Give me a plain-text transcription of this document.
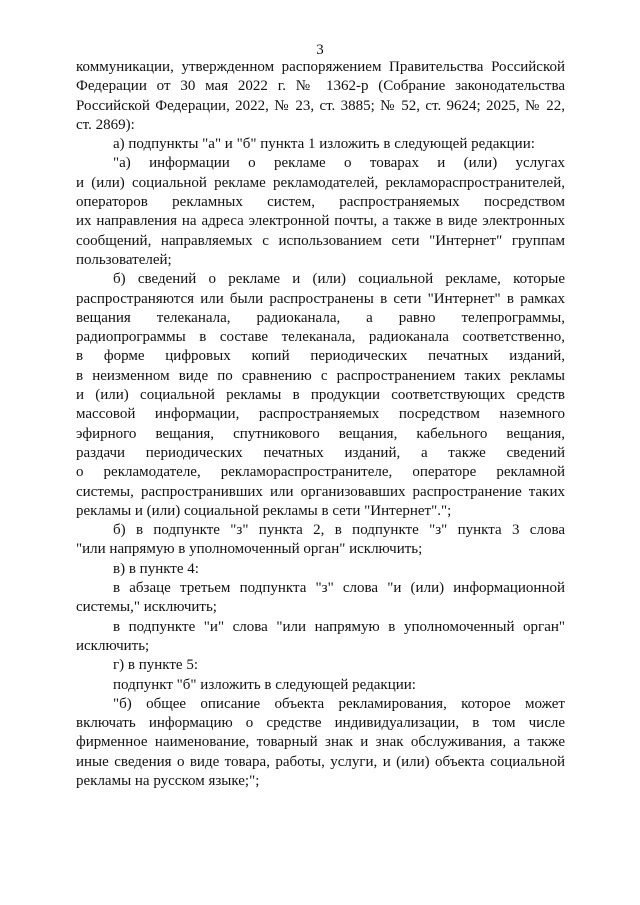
3
коммуникации, утвержденном распоряжением Правительства Российской
Федерации от 30 мая 2022 г. № 1362-р (Собрание законодательства
Российской Федерации, 2022, № 23, ст. 3885; № 52, ст. 9624; 2025, № 22,
ст. 2869):
а) подпункты "а" и "б" пункта 1 изложить в следующей редакции:
"а) информации о рекламе о товарах и (или) услугах
и (или) социальной рекламе рекламодателей, рекламораспространителей,
операторов рекламных систем, распространяемых посредством
их направления на адреса электронной почты, а также в виде электронных
сообщений, направляемых с использованием сети "Интернет" группам
пользователей;
б) сведений о рекламе и (или) социальной рекламе, которые
распространяются или были распространены в сети "Интернет" в рамках
вещания телеканала, радиоканала, а равно телепрограммы,
радиопрограммы в составе телеканала, радиоканала соответственно,
в форме цифровых копий периодических печатных изданий,
в неизменном виде по сравнению с распространением таких рекламы
и (или) социальной рекламы в продукции соответствующих средств
массовой информации, распространяемых посредством наземного
эфирного вещания, спутникового вещания, кабельного вещания,
раздачи периодических печатных изданий, а также сведений
о рекламодателе, рекламораспространителе, операторе рекламной
системы, распространивших или организовавших распространение таких
рекламы и (или) социальной рекламы в сети "Интернет".";
б) в подпункте "з" пункта 2, в подпункте "з" пункта 3 слова
"или напрямую в уполномоченный орган" исключить;
в) в пункте 4:
в абзаце третьем подпункта "з" слова "и (или) информационной
системы," исключить;
в подпункте "и" слова "или напрямую в уполномоченный орган"
исключить;
г) в пункте 5:
подпункт "б" изложить в следующей редакции:
"б) общее описание объекта рекламирования, которое может
включать информацию о средстве индивидуализации, в том числе
фирменное наименование, товарный знак и знак обслуживания, а также
иные сведения о виде товара, работы, услуги, и (или) объекта социальной
рекламы на русском языке;";
